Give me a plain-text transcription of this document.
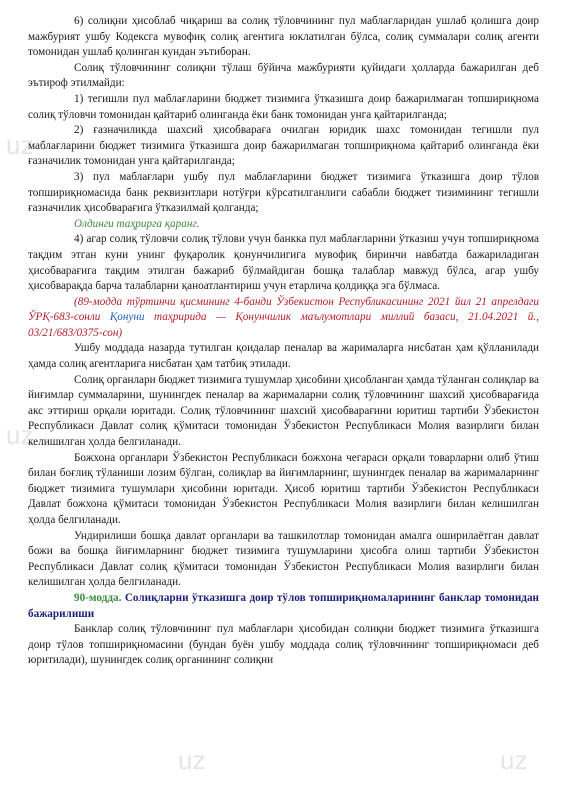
uz
uz
uz	uz

6) солиқни ҳисоблаб чиқариш ва солиқ тўловчининг пул маблағларидан ушлаб қолишга доир мажбурият ушбу Кодексга мувофиқ солиқ агентига юклатилган бўлса, солиқ суммалари солиқ агенти томонидан ушлаб қолинган кундан эътиборан.

Солиқ тўловчининг солиқни тўлаш бўйича мажбурияти қуйидаги ҳолларда бажарилган деб эътироф этилмайди:

1) тегишли пул маблағларини бюджет тизимига ўтказишга доир бажарилмаган топшириқнома солиқ тўловчи томонидан қайтариб олинганда ёки банк томонидан унга қайтарилганда;

2) ғазначиликда шахсий ҳисобвараға очилган юридик шахс томонидан тегишли пул маблағларини бюджет тизимига ўтказишга доир бажарилмаган топшириқнома қайтариб олинганда ёки ғазначилик томонидан унга қайтарилганда;

3) пул маблағлари ушбу пул маблағларини бюджет тизимига ўтказишга доир тўлов топшириқномасида банк реквизитлари нотўғри кўрсатилганлиги сабабли бюджет тизимининг тегишли ғазначилик ҳисобварағига ўтказилмай қолганда;

Олдинги таҳрирга қаранг.

4) агар солиқ тўловчи солиқ тўлови учун банкка пул маблағларини ўтказиш учун топшириқнома тақдим этган куни унинг фуқаролик қонунчилигига мувофиқ биринчи навбатда бажариладиган ҳисобварағига тақдим этилган бажариб бўлмайдиган бошқа талаблар мавжуд бўлса, агар ушбу ҳисобварақда барча талабларни қаноатлантириш учун етарлича қолдиққа эга бўлмаса.

(89-модда тўртинчи қисмининг 4-банди Ўзбекистон Республикасининг 2021 йил 21 апрелдаги ЎРҚ-683-сонли Қонуни таҳририда — Қонунчилик маълумотлари миллий базаси, 21.04.2021 й., 03/21/683/0375-сон)

Ушбу моддада назарда тутилган қоидалар пеналар ва жарималарга нисбатан ҳам қўлланилади ҳамда солиқ агентларига нисбатан ҳам татбиқ этилади.

Солиқ органлари бюджет тизимига тушумлар ҳисобини ҳисобланган ҳамда тўланган солиқлар ва йиғимлар суммаларини, шунингдек пеналар ва жарималарни солиқ тўловчининг шахсий ҳисобварағида акс эттириш орқали юритади. Солиқ тўловчининг шахсий ҳисобварағини юритиш тартиби Ўзбекистон Республикаси Давлат солиқ қўмитаси томонидан Ўзбекистон Республикаси Молия вазирлиги билан келишилган ҳолда белгиланади.

Божхона органлари Ўзбекистон Республикаси божхона чегараси орқали товарларни олиб ўтиш билан боғлиқ тўланиши лозим бўлган, солиқлар ва йиғимларнинг, шунингдек пеналар ва жарималарнинг бюджет тизимига тушумлари ҳисобини юритади. Ҳисоб юритиш тартиби Ўзбекистон Республикаси Давлат божхона қўмитаси томонидан Ўзбекистон Республикаси Молия вазирлиги билан келишилган ҳолда белгиланади.

Ундирилиши бошқа давлат органлари ва ташкилотлар томонидан амалга оширилаётган давлат божи ва бошқа йиғимларнинг бюджет тизимига тушумларини ҳисобга олиш тартиби Ўзбекистон Республикаси Давлат солиқ қўмитаси томонидан Ўзбекистон Республикаси Молия вазирлиги билан келишилган ҳолда белгиланади.

90-модда. Солиқларни ўтказишга доир тўлов топшириқномаларининг банклар томонидан бажарилиши

Банклар солиқ тўловчининг пул маблағлари ҳисобидан солиқни бюджет тизимига ўтказишга доир тўлов топшириқномасини (бундан буён ушбу моддада солиқ тўловчининг топшириқномаси деб юритилади), шунингдек солиқ органининг солиқни
